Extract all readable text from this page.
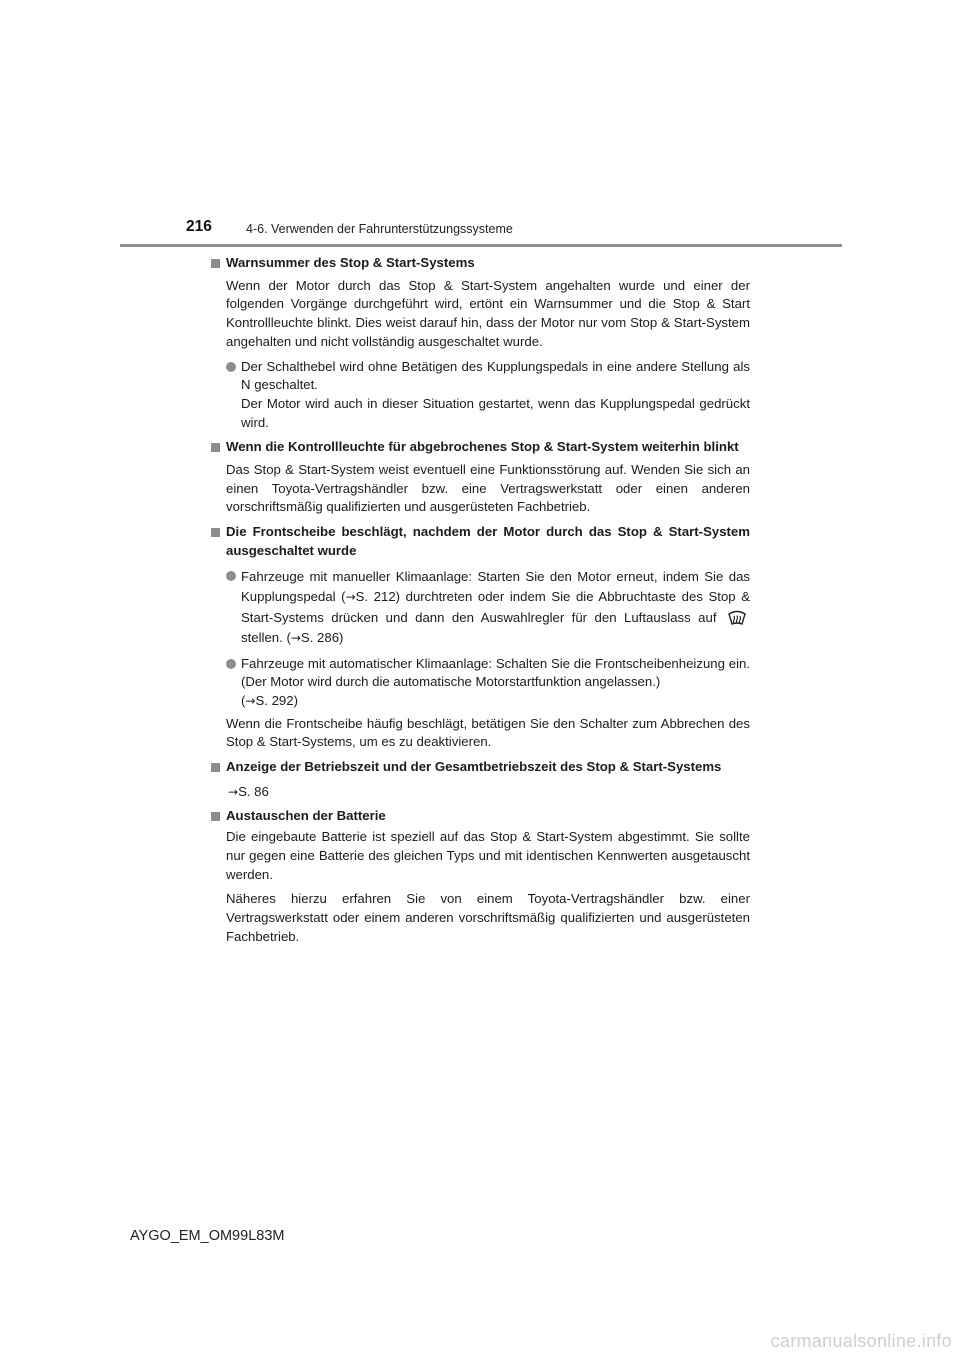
216	4-6. Verwenden der Fahrunterstützungssysteme
Warnsummer des Stop & Start-Systems
Wenn der Motor durch das Stop & Start-System angehalten wurde und einer der folgenden Vorgänge durchgeführt wird, ertönt ein Warnsummer und die Stop & Start Kontrollleuchte blinkt. Dies weist darauf hin, dass der Motor nur vom Stop & Start-System angehalten und nicht vollständig ausgeschaltet wurde.
Der Schalthebel wird ohne Betätigen des Kupplungspedals in eine andere Stellung als N geschaltet.
Der Motor wird auch in dieser Situation gestartet, wenn das Kupplungspedal gedrückt wird.
Wenn die Kontrollleuchte für abgebrochenes Stop & Start-System weiterhin blinkt
Das Stop & Start-System weist eventuell eine Funktionsstörung auf. Wenden Sie sich an einen Toyota-Vertragshändler bzw. eine Vertragswerkstatt oder einen anderen vorschriftsmäßig qualifizierten und ausgerüsteten Fachbetrieb.
Die Frontscheibe beschlägt, nachdem der Motor durch das Stop & Start-System ausgeschaltet wurde
Fahrzeuge mit manueller Klimaanlage: Starten Sie den Motor erneut, indem Sie das Kupplungspedal (→S. 212) durchtreten oder indem Sie die Abbruchtaste des Stop & Start-Systems drücken und dann den Auswahlregler für den Luftauslass auf  stellen. (→S. 286)
Fahrzeuge mit automatischer Klimaanlage: Schalten Sie die Frontscheibenheizung ein. (Der Motor wird durch die automatische Motorstartfunktion angelassen.)
(→S. 292)
Wenn die Frontscheibe häufig beschlägt, betätigen Sie den Schalter zum Abbrechen des Stop & Start-Systems, um es zu deaktivieren.
Anzeige der Betriebszeit und der Gesamtbetriebszeit des Stop & Start-Systems
→S. 86
Austauschen der Batterie
Die eingebaute Batterie ist speziell auf das Stop & Start-System abgestimmt. Sie sollte nur gegen eine Batterie des gleichen Typs und mit identischen Kennwerten ausgetauscht werden.
Näheres hierzu erfahren Sie von einem Toyota-Vertragshändler bzw. einer Vertragswerkstatt oder einem anderen vorschriftsmäßig qualifizierten und ausgerüsteten Fachbetrieb.
AYGO_EM_OM99L83M
carmanualsonline.info
